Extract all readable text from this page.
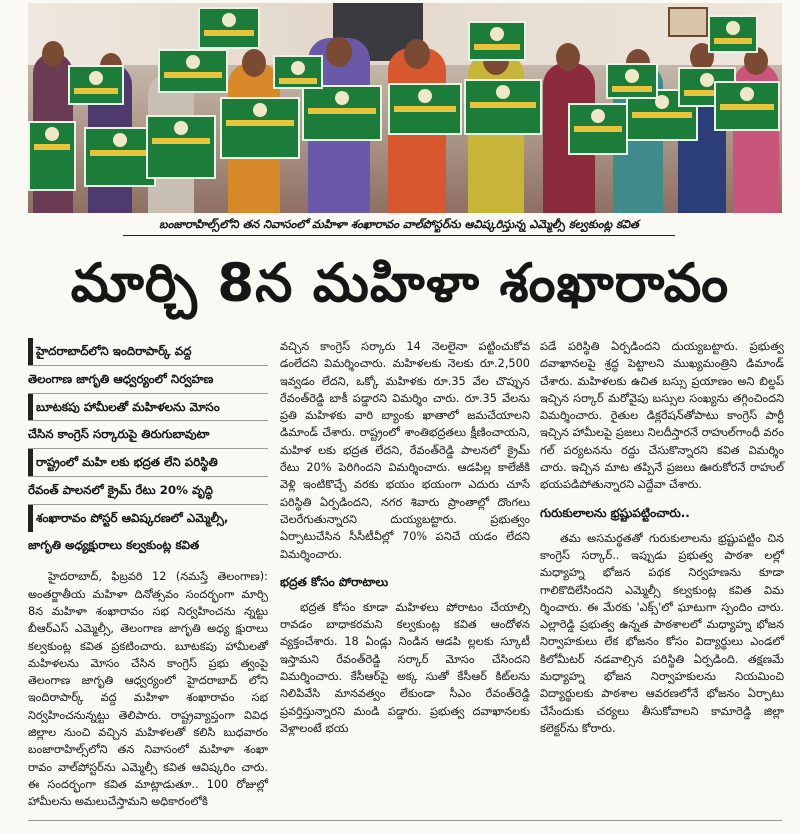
బంజారాహిల్స్‌లోని తన నివాసంలో మహిళా శంఖారావం వాల్‌పోస్టర్‌ను ఆవిష్కరిస్తున్న ఎమ్మెల్సీ కల్వకుంట్ల కవిత
మార్చి 8న మహిళా శంఖారావం
హైదరాబాద్‌లోని ఇందిరాపార్క్‌ వద్ద
తెలంగాణ జాగృతి ఆధ్వర్యంలో నిర్వహణ
బూటకపు హామీలతో మహిళలను మోసం
చేసిన కాంగ్రెస్‌ సర్కారుపై తిరుగుబావుటా
రాష్ట్రంలో మహి లకు భద్రత లేని పరిస్థితి
రేవంత్‌ పాలనలో క్రైమ్‌ రేటు 20% వృద్ధి
శంఖారావం పోస్టర్‌ ఆవిష్కరణలో ఎమ్మెల్సీ,
జాగృతి అధ్యక్షురాలు కల్వకుంట్ల కవిత

హైదరాబాద్‌, ఫిబ్రవరి 12 (నమస్తే తెలంగాణ): అంతర్జాతీయ మహిళా దినోత్సవం సందర్భంగా మార్చి 8న మహిళా శంఖారావం సభ నిర్వహించను న్నట్టు బీఆర్‌ఎస్‌ ఎమ్మెల్సీ, తెలంగాణ జాగృతి అధ్య క్షురాలు కల్వకుంట్ల కవిత ప్రకటించారు. బూటకపు హామీలతో మహిళలను మోసం చేసిన కాంగ్రెస్‌ ప్రభు త్వంపై తెలంగాణ జాగృతి ఆధ్వర్యంలో హైదరాబాద్‌ లోని ఇందిరాపార్క్‌ వద్ద మహిళా శంఖారావం సభ నిర్వహించనున్నట్టు తెలిపారు. రాష్ట్రవ్యాప్తంగా వివిధ జిల్లాల నుంచి వచ్చిన మహిళలతో కలిసి బుధవారం బంజారాహిల్స్‌లోని తన నివాసంలో మహిళా శంఖా రావం వాల్‌పోస్టర్‌ను ఎమ్మెల్సీ కవిత ఆవిష్కరిం చారు. ఈ సందర్భంగా కవిత మాట్లాడుతూ.. 100 రోజుల్లో హామీలను అమలుచేస్తామని అధికారంలోకి

వచ్చిన కాంగ్రెస్‌ సర్కారు 14 నెలలైనా పట్టించుకోవ డంలేదని విమర్శించారు. మహిళలకు నెలకు రూ.2,500 ఇవ్వడం లేదని, ఒక్కో మహిళకు రూ.35 వేల చొప్పున రేవంత్‌రెడ్డి బాకీ పడ్డారని విమర్శిం చారు. రూ.35 వేలను ప్రతి మహిళకు వారి బ్యాంకు ఖాతాలో జమచేయాలని డిమాండ్‌ చేశారు. రాష్ట్రంలో శాంతిభద్రతలు క్షీణించాయని, మహిళ లకు భద్రత లేదని, రేవంత్‌రెడ్డి పాలనలో క్రైమ్‌ రేటు 20% పెరిగిందని విమర్శించారు. ఆడపిల్ల కాలేజీకి వెళ్లి ఇంటికొచ్చే వరకు భయం భయంగా ఎదురు చూసే పరిస్థితి ఏర్పడిందని, నగర శివారు ప్రాంతాల్లో దొంగలు చెలరేగుతున్నారని దుయ్యబట్టారు. ప్రభుత్వం ఏర్పాటుచేసిన సీసీటీవీల్లో 70% పనిచే యడం లేదని విమర్శించారు.

భద్రత కోసం పోరాటాలు

భద్రత కోసం కూడా మహిళలు పోరాటం చేయాల్సి రావడం బాధాకరమని కల్వకుంట్ల కవిత ఆందోళన వ్యక్తంచేశారు. 18 ఏండ్లు నిండిన ఆడపి ల్లలకు స్కూటీ ఇస్తామని రేవంత్‌రెడ్డి సర్కార్‌ మోసం చేసిందని విమర్శించారు. కేసీఆర్‌పై అక్క సుతో కేసీఆర్‌ కిట్‌లను నిలిపివేసి మానవత్వం లేకుండా సీఎం రేవంత్‌రెడ్డి ప్రవర్తిస్తున్నారని మండి పడ్డారు. ప్రభుత్వ దవాఖానలకు వెళ్లాలంటే భయ

పడే పరిస్థితి ఏర్పడిందని దుయ్యబట్టారు. ప్రభుత్వ దవాఖానలపై శ్రద్ధ పెట్టాలని ముఖ్యమంత్రిని డిమాండ్‌ చేశారు. మహిళలకు ఉచిత బస్సు ప్రయాణం అని బిల్డప్‌ ఇచ్చిన సర్కార్‌ మరోవైపు బస్సుల సంఖ్యను తగ్గించిందని విమర్శించారు. రైతుల డిక్లరేషన్‌తోపాటు కాంగ్రెస్‌ పార్టీ ఇచ్చిన హామీలపై ప్రజలు నిలదీస్తారనే రాహుల్‌గాంధీ వరం గల్‌ పర్యటనను రద్దు చేసుకొన్నారని కవిత విమర్శిం చారు. ఇచ్చిన మాట తప్పినే ప్రజలు ఊరుకోరనే రాహుల్‌ భయపడిపోతున్నారని ఎద్దేవా చేశారు.

గురుకులాలను భ్రష్టుపట్టించారు..

తమ అసమర్థతతో గురుకులాలను భ్రష్టుపట్టిం చిన కాంగ్రెస్‌ సర్కార్‌.. ఇప్పుడు ప్రభుత్వ పాఠశా లల్లో మధ్యాహ్న భోజన పథక నిర్వహణను కూడా గాలికొదిలేసిందని ఎమ్మెల్సీ కల్వకుంట్ల కవిత విమ ర్శించారు. ఈ మేరకు 'ఎక్స్‌'లో ఘాటుగా స్పందిం చారు. ఎల్లారెడ్డి ప్రభుత్వ ఉన్నత పాఠశాలలో మధ్యాహ్న భోజన నిర్వాహకులు లేక భోజనం కోసం విద్యార్థులు ఎండలో కిలోమీటర్‌ నడవాల్సిన పరిస్థితి ఏర్పడింది. తక్షణమే మధ్యాహ్న భోజన నిర్వాహకులను నియమించి విద్యార్థులకు పాఠశాల ఆవరణలోనే భోజనం ఏర్పాటు చేసేందుకు చర్యలు తీసుకోవాలని కామారెడ్డి జిల్లా కలెక్టర్‌ను కోరారు.
